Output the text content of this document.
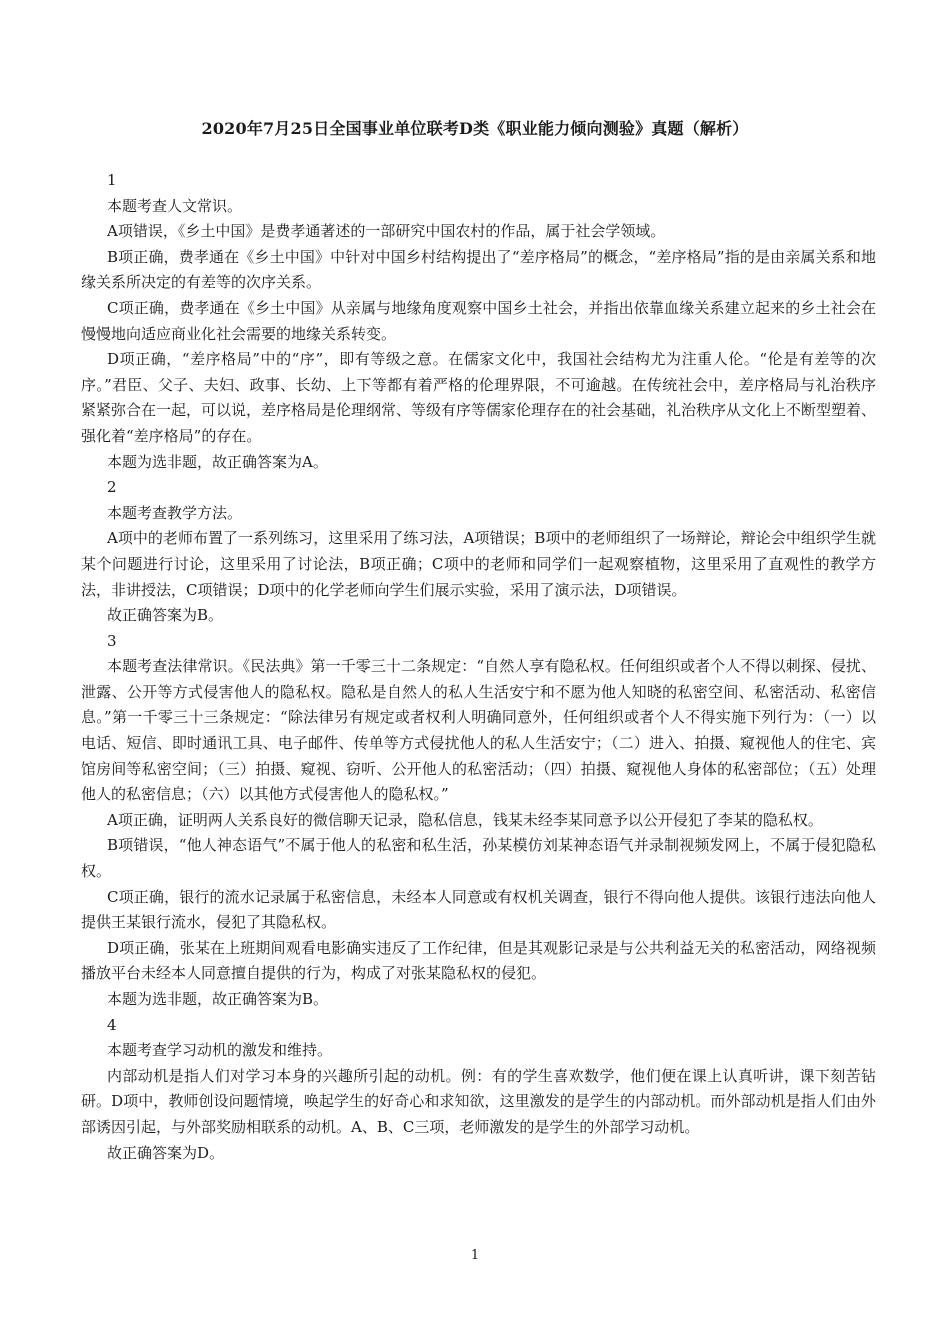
2020年7月25日全国事业单位联考D类《职业能力倾向测验》真题（解析）

1

本题考查人文常识。

A项错误，《乡土中国》是费孝通著述的一部研究中国农村的作品，属于社会学领域。

B项正确，费孝通在《乡土中国》中针对中国乡村结构提出了“差序格局”的概念，“差序格局”指的是由亲属关系和地缘关系所决定的有差等的次序关系。

C项正确，费孝通在《乡土中国》从亲属与地缘角度观察中国乡土社会，并指出依靠血缘关系建立起来的乡土社会在慢慢地向适应商业化社会需要的地缘关系转变。

D项正确，“差序格局”中的“序”，即有等级之意。在儒家文化中，我国社会结构尤为注重人伦。“伦是有差等的次序。”君臣、父子、夫妇、政事、长幼、上下等都有着严格的伦理界限，不可逾越。在传统社会中，差序格局与礼治秩序紧紧弥合在一起，可以说，差序格局是伦理纲常、等级有序等儒家伦理存在的社会基础，礼治秩序从文化上不断型塑着、强化着“差序格局”的存在。

本题为选非题，故正确答案为A。

2

本题考查教学方法。

A项中的老师布置了一系列练习，这里采用了练习法，A项错误；B项中的老师组织了一场辩论，辩论会中组织学生就某个问题进行讨论，这里采用了讨论法，B项正确；C项中的老师和同学们一起观察植物，这里采用了直观性的教学方法，非讲授法，C项错误；D项中的化学老师向学生们展示实验，采用了演示法，D项错误。

故正确答案为B。

3

本题考查法律常识。《民法典》第一千零三十二条规定：“自然人享有隐私权。任何组织或者个人不得以刺探、侵扰、泄露、公开等方式侵害他人的隐私权。隐私是自然人的私人生活安宁和不愿为他人知晓的私密空间、私密活动、私密信息。”第一千零三十三条规定：“除法律另有规定或者权利人明确同意外，任何组织或者个人不得实施下列行为：（一）以电话、短信、即时通讯工具、电子邮件、传单等方式侵扰他人的私人生活安宁；（二）进入、拍摄、窥视他人的住宅、宾馆房间等私密空间；（三）拍摄、窥视、窃听、公开他人的私密活动；（四）拍摄、窥视他人身体的私密部位；（五）处理他人的私密信息；（六）以其他方式侵害他人的隐私权。”

A项正确，证明两人关系良好的微信聊天记录，隐私信息，钱某未经李某同意予以公开侵犯了李某的隐私权。

B项错误，“他人神态语气”不属于他人的私密和私生活，孙某模仿刘某神态语气并录制视频发网上，不属于侵犯隐私权。

C项正确，银行的流水记录属于私密信息，未经本人同意或有权机关调查，银行不得向他人提供。该银行违法向他人提供王某银行流水，侵犯了其隐私权。

D项正确，张某在上班期间观看电影确实违反了工作纪律，但是其观影记录是与公共利益无关的私密活动，网络视频播放平台未经本人同意擅自提供的行为，构成了对张某隐私权的侵犯。

本题为选非题，故正确答案为B。

4

本题考查学习动机的激发和维持。

内部动机是指人们对学习本身的兴趣所引起的动机。例：有的学生喜欢数学，他们便在课上认真听讲，课下刻苦钻研。D项中，教师创设问题情境，唤起学生的好奇心和求知欲，这里激发的是学生的内部动机。而外部动机是指人们由外部诱因引起，与外部奖励相联系的动机。A、B、C三项，老师激发的是学生的外部学习动机。

故正确答案为D。

1
